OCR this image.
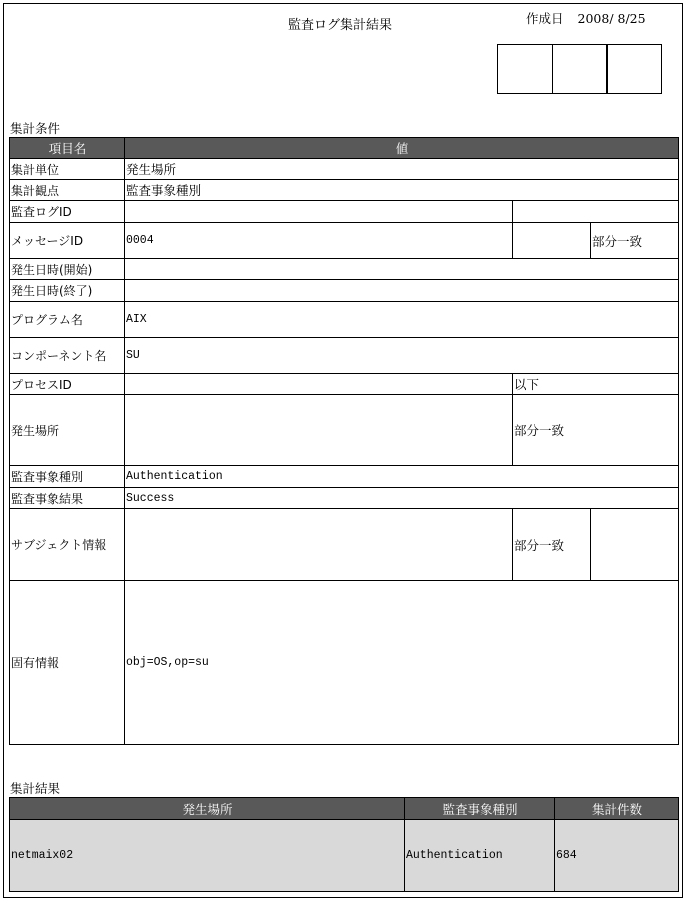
監査ログ集計結果	作成日 2008/ 8/25
集計条件
項目名	値		
集計単位	発生場所		
集計観点	監査事象種別		
監査ログID			
メッセージID	0004		部分一致
発生日時(開始)			
発生日時(終了)			
プログラム名	AIX		
コンポーネント名	SU		
プロセスID		以下	
発生場所		部分一致	
監査事象種別	Authentication		
監査事象結果	Success		
サブジェクト情報		部分一致	
固有情報	obj=OS,op=su		
集計結果
発生場所	監査事象種別	集計件数
netmaix02	Authentication	684
